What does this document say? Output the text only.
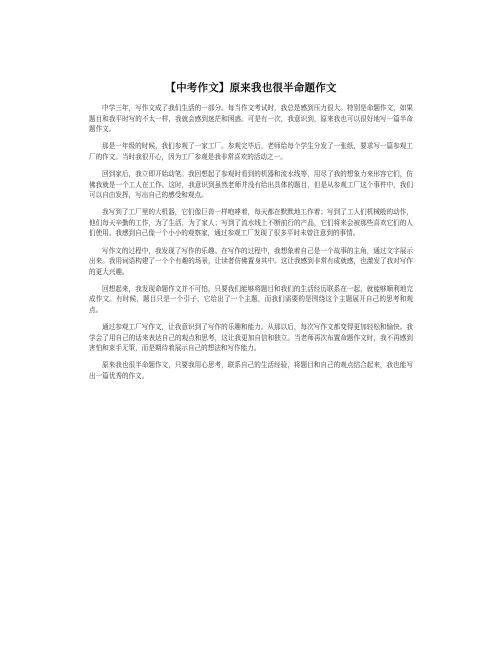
【中考作文】原来我也很半命题作文

中学三年，写作文成了我们生活的一部分。每当作文考试时，我总是感到压力很大。特别是命题作文，如果题目和我平时写的不太一样，我就会感到迷茫和困惑。可是有一次，我意识到，原来我也可以很好地写一篇半命题作文。

那是一年级的时候，我们参观了一家工厂。参观完毕后，老师给每个学生分发了一张纸，要求写一篇参观工厂的作文。当时我很开心，因为工厂参观是我非常喜欢的活动之一。

回到家后，我立即开始动笔。我回想起了参观时看到的机器和流水线等，用尽了我的想象力来形容它们，仿佛我就是一个工人在工作。这时，我意识到虽然老师并没有给出具体的题目，但是从参观工厂这个事件中，我们可以自由发挥，写出自己的感受和观点。

我写到了工厂里的大机器，它们像巨兽一样咆哮着，每天都在默默地工作着；写到了工人们机械般的动作，他们每天辛勤的工作，为了生活，为了家人；写到了流水线上不断前行的产品，它们将来会被那些喜欢它们的人们使用。我感到自己像一个小小的观察家，通过参观工厂发现了很多平时未曾注意到的事情。

写作文的过程中，我发现了写作的乐趣。在写作的过程中，我想象着自己是一个故事的主角，通过文字展示出来。我用词语构建了一个个有趣的场景，让读者仿佛置身其中。这让我感到非常有成就感，也激发了我对写作的更大兴趣。

回想起来，我发现命题作文并不可怕，只要我们能够将题目和我们的生活经历联系在一起，就能够顺利地完成作文。有时候，题目只是一个引子，它给出了一个主题，而我们需要的是围绕这个主题展开自己的思考和观点。

通过参观工厂写作文，让我意识到了写作的乐趣和能力。从那以后，每次写作文都变得更加轻松和愉快。我学会了用自己的话来表达自己的观点和思考，这让我更加自信和独立。当老师再次布置命题作文时，我不再感到害怕和束手无策，而是期待着展示自己的想法和写作能力。

原来我也很半命题作文，只要我用心思考，联系自己的生活经验，将题目和自己的观点结合起来，我也能写出一篇优秀的作文。
